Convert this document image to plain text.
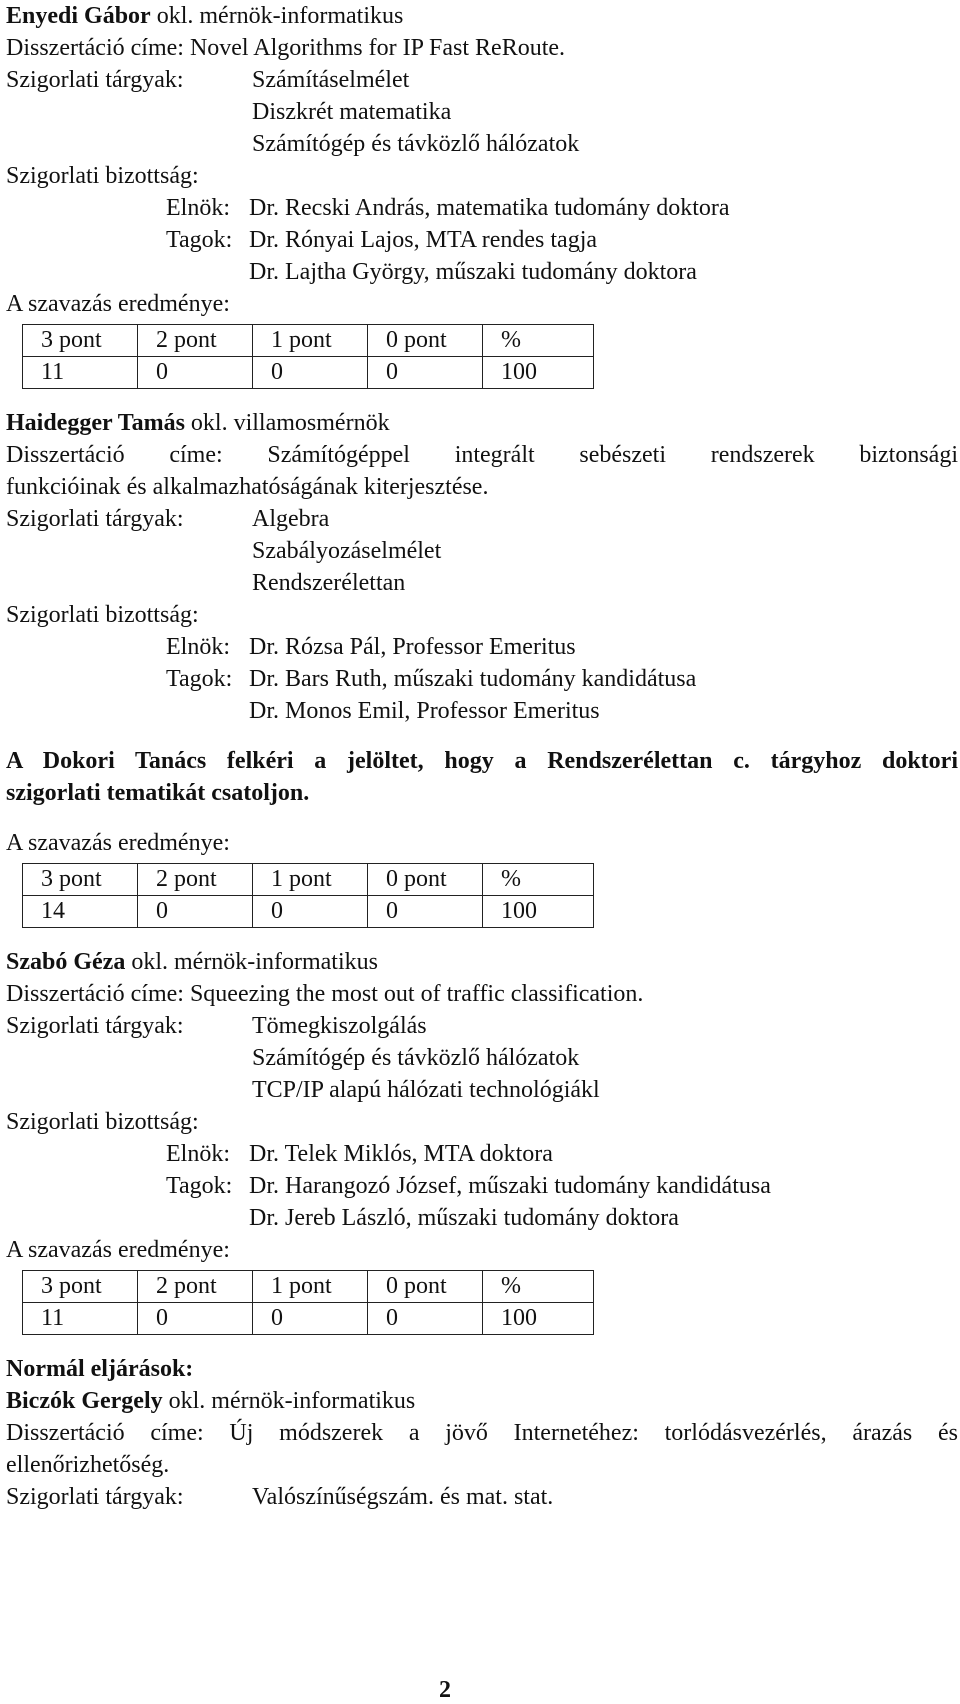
Enyedi Gábor okl. mérnök-informatikus
Disszertáció címe: Novel Algorithms for IP Fast ReRoute.
Szigorlati tárgyak:	Számításelmélet
Diszkrét matematika
Számítógép és távközlő hálózatok
Szigorlati bizottság:
Elnök: Dr. Recski András, matematika tudomány doktora
Tagok: Dr. Rónyai Lajos, MTA rendes tagja
Dr. Lajtha György, műszaki tudomány doktora
A szavazás eredménye:
3 pont	2 pont	1 pont	0 pont	%
11	0	0	0	100
Haidegger Tamás okl. villamosmérnök
Disszertáció címe: Számítógéppel integrált sebészeti rendszerek biztonsági
funkcióinak és alkalmazhatóságának kiterjesztése.
Szigorlati tárgyak:	Algebra
Szabályozáselmélet
Rendszerélettan
Szigorlati bizottság:
Elnök: Dr. Rózsa Pál, Professor Emeritus
Tagok: Dr. Bars Ruth, műszaki tudomány kandidátusa
Dr. Monos Emil, Professor Emeritus
A Dokori Tanács felkéri a jelöltet, hogy a Rendszerélettan c. tárgyhoz doktori
szigorlati tematikát csatoljon.
A szavazás eredménye:
3 pont	2 pont	1 pont	0 pont	%
14	0	0	0	100
Szabó Géza okl. mérnök-informatikus
Disszertáció címe: Squeezing the most out of traffic classification.
Szigorlati tárgyak:	Tömegkiszolgálás
Számítógép és távközlő hálózatok
TCP/IP alapú hálózati technológiákl
Szigorlati bizottság:
Elnök: Dr. Telek Miklós, MTA doktora
Tagok: Dr. Harangozó József, műszaki tudomány kandidátusa
Dr. Jereb László, műszaki tudomány doktora
A szavazás eredménye:
3 pont	2 pont	1 pont	0 pont	%
11	0	0	0	100
Normál eljárások:
Biczók Gergely okl. mérnök-informatikus
Disszertáció címe: Új módszerek a jövő Internetéhez: torlódásvezérlés, árazás és
ellenőrizhetőség.
Szigorlati tárgyak:	Valószínűségszám. és mat. stat.
2
